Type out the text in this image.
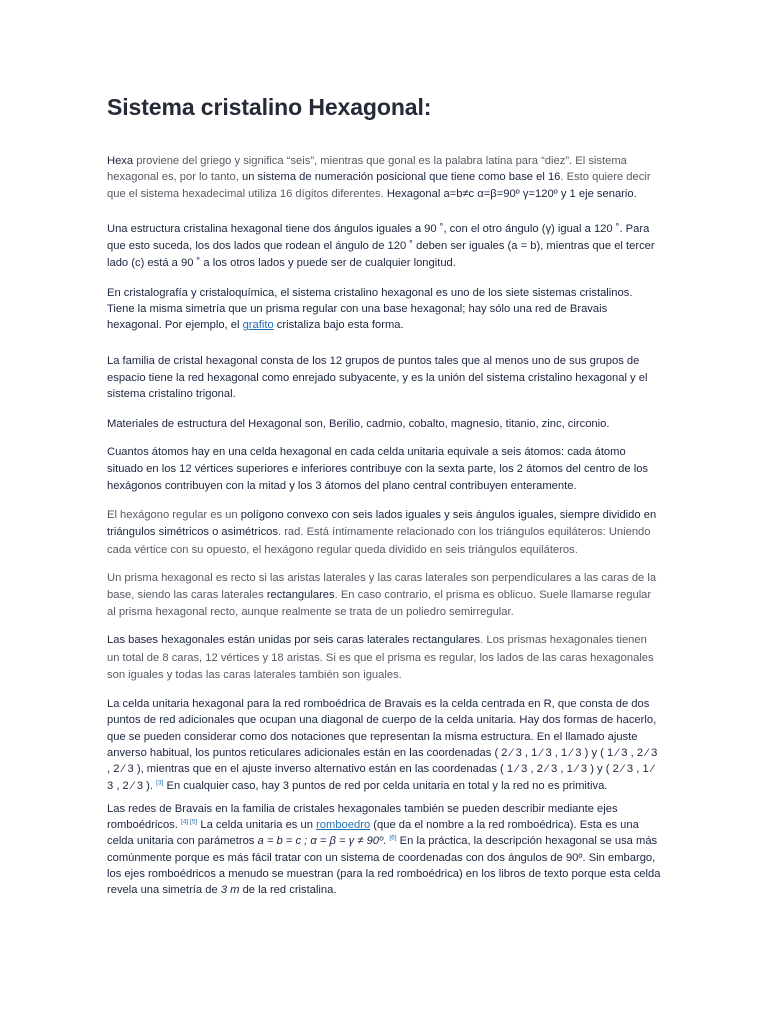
Sistema cristalino Hexagonal:

Hexa proviene del griego y significa “seis”, mientras que gonal es la palabra latina para “diez”. El sistema hexagonal es, por lo tanto, un sistema de numeración posicional que tiene como base el 16. Esto quiere decir que el sistema hexadecimal utiliza 16 dígitos diferentes. Hexagonal a=b≠c α=β=90º γ=120º y 1 eje senario.

Una estructura cristalina hexagonal tiene dos ángulos iguales a 90 ˚, con el otro ángulo (γ) igual a 120 ˚. Para que esto suceda, los dos lados que rodean el ángulo de 120 ˚ deben ser iguales (a = b), mientras que el tercer lado (c) está a 90 ˚ a los otros lados y puede ser de cualquier longitud.

En cristalografía y cristaloquímica, el sistema cristalino hexagonal es uno de los siete sistemas cristalinos. Tiene la misma simetría que un prisma regular con una base hexagonal; hay sólo una red de Bravais hexagonal. Por ejemplo, el grafito cristaliza bajo esta forma.

La familia de cristal hexagonal consta de los 12 grupos de puntos tales que al menos uno de sus grupos de espacio tiene la red hexagonal como enrejado subyacente, y es la unión del sistema cristalino hexagonal y el sistema cristalino trigonal.

Materiales de estructura del Hexagonal son, Berilio, cadmio, cobalto, magnesio, titanio, zinc, circonio.

Cuantos átomos hay en una celda hexagonal en cada celda unitaria equivale a seis átomos: cada átomo situado en los 12 vértices superiores e inferiores contribuye con la sexta parte, los 2 átomos del centro de los hexágonos contribuyen con la mitad y los 3 átomos del plano central contribuyen enteramente.

El hexágono regular es un polígono convexo con seis lados iguales y seis ángulos iguales, siempre dividido en triángulos simétricos o asimétricos. rad. Está íntimamente relacionado con los triángulos equiláteros: Uniendo cada vértice con su opuesto, el hexágono regular queda dividido en seis triángulos equiláteros.

Un prisma hexagonal es recto si las aristas laterales y las caras laterales son perpendiculares a las caras de la base, siendo las caras laterales rectangulares. En caso contrario, el prisma es oblicuo. Suele llamarse regular al prisma hexagonal recto, aunque realmente se trata de un poliedro semirregular.

Las bases hexagonales están unidas por seis caras laterales rectangulares. Los prismas hexagonales tienen un total de 8 caras, 12 vértices y 18 aristas. Si es que el prisma es regular, los lados de las caras hexagonales son iguales y todas las caras laterales también son iguales.

La celda unitaria hexagonal para la red romboédrica de Bravais es la celda centrada en R, que consta de dos puntos de red adicionales que ocupan una diagonal de cuerpo de la celda unitaria. Hay dos formas de hacerlo, que se pueden considerar como dos notaciones que representan la misma estructura. En el llamado ajuste anverso habitual, los puntos reticulares adicionales están en las coordenadas ( 2 ⁄ 3 , 1 ⁄ 3 , 1 ⁄ 3 ) y ( 1 ⁄ 3 , 2 ⁄ 3 , 2 ⁄ 3 ), mientras que en el ajuste inverso alternativo están en las coordenadas ( 1 ⁄ 3 , 2 ⁄ 3 , 1 ⁄ 3 ) y ( 2 ⁄ 3 , 1 ⁄ 3 , 2 ⁄ 3 ). [3] En cualquier caso, hay 3 puntos de red por celda unitaria en total y la red no es primitiva.

Las redes de Bravais en la familia de cristales hexagonales también se pueden describir mediante ejes romboédricos. [4] [5] La celda unitaria es un romboedro (que da el nombre a la red romboédrica). Esta es una celda unitaria con parámetros a = b = c ; α = β = γ ≠ 90º. [6] En la práctica, la descripción hexagonal se usa más comúnmente porque es más fácil tratar con un sistema de coordenadas con dos ángulos de 90º. Sin embargo, los ejes romboédricos a menudo se muestran (para la red romboédrica) en los libros de texto porque esta celda revela una simetría de 3 m de la red cristalina.
